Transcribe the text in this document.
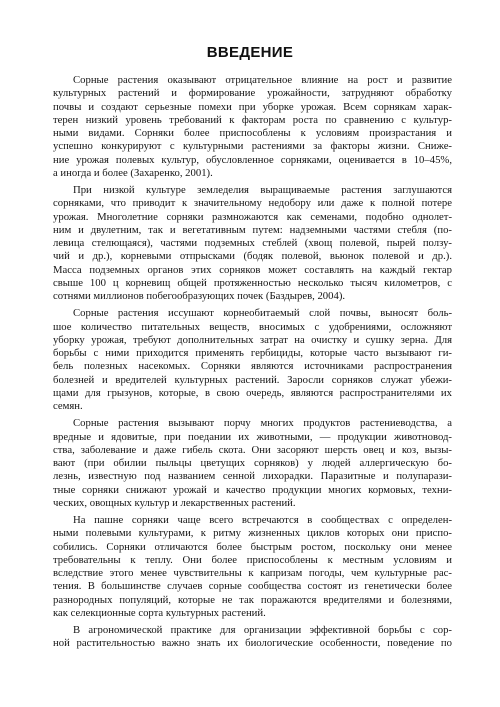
ВВЕДЕНИЕ
Сорные растения оказывают отрицательное влияние на рост и развитие
культурных растений и формирование урожайности, затрудняют обработку
почвы и создают серьезные помехи при уборке урожая. Всем сорнякам харак-
терен низкий уровень требований к факторам роста по сравнению с культур-
ными видами. Сорняки более приспособлены к условиям произрастания и
успешно конкурируют с культурными растениями за факторы жизни. Сниже-
ние урожая полевых культур, обусловленное сорняками, оценивается в 10–45%,
а иногда и более (Захаренко, 2001).
При низкой культуре земледелия выращиваемые растения заглушаются
сорняками, что приводит к значительному недобору или даже к полной потере
урожая. Многолетние сорняки размножаются как семенами, подобно однолет-
ним и двулетним, так и вегетативным путем: надземными частями стебля (по-
левица стелющаяся), частями подземных стеблей (хвощ полевой, пырей ползу-
чий и др.), корневыми отпрысками (бодяк полевой, вьюнок полевой и др.).
Масса подземных органов этих сорняков может составлять на каждый гектар
свыше 100 ц корневищ общей протяженностью несколько тысяч километров, с
сотнями миллионов побегообразующих почек (Баздырев, 2004).
Сорные растения иссушают корнеобитаемый слой почвы, выносят боль-
шое количество питательных веществ, вносимых с удобрениями, осложняют
уборку урожая, требуют дополнительных затрат на очистку и сушку зерна. Для
борьбы с ними приходится применять гербициды, которые часто вызывают ги-
бель полезных насекомых. Сорняки являются источниками распространения
болезней и вредителей культурных растений. Заросли сорняков служат убежи-
щами для грызунов, которые, в свою очередь, являются распространителями их
семян.
Сорные растения вызывают порчу многих продуктов растениеводства, а
вредные и ядовитые, при поедании их животными, — продукции животновод-
ства, заболевание и даже гибель скота. Они засоряют шерсть овец и коз, вызы-
вают (при обилии пыльцы цветущих сорняков) у людей аллергическую бо-
лезнь, известную под названием сенной лихорадки. Паразитные и полупарази-
тные сорняки снижают урожай и качество продукции многих кормовых, техни-
ческих, овощных культур и лекарственных растений.
На пашне сорняки чаще всего встречаются в сообществах с определен-
ными полевыми культурами, к ритму жизненных циклов которых они приспо-
собились. Сорняки отличаются более быстрым ростом, поскольку они менее
требовательны к теплу. Они более приспособлены к местным условиям и
вследствие этого менее чувствительны к капризам погоды, чем культурные рас-
тения. В большинстве случаев сорные сообщества состоят из генетически более
разнородных популяций, которые не так поражаются вредителями и болезнями,
как селекционные сорта культурных растений.
В агрономической практике для организации эффективной борьбы с сор-
ной растительностью важно знать их биологические особенности, поведение по
